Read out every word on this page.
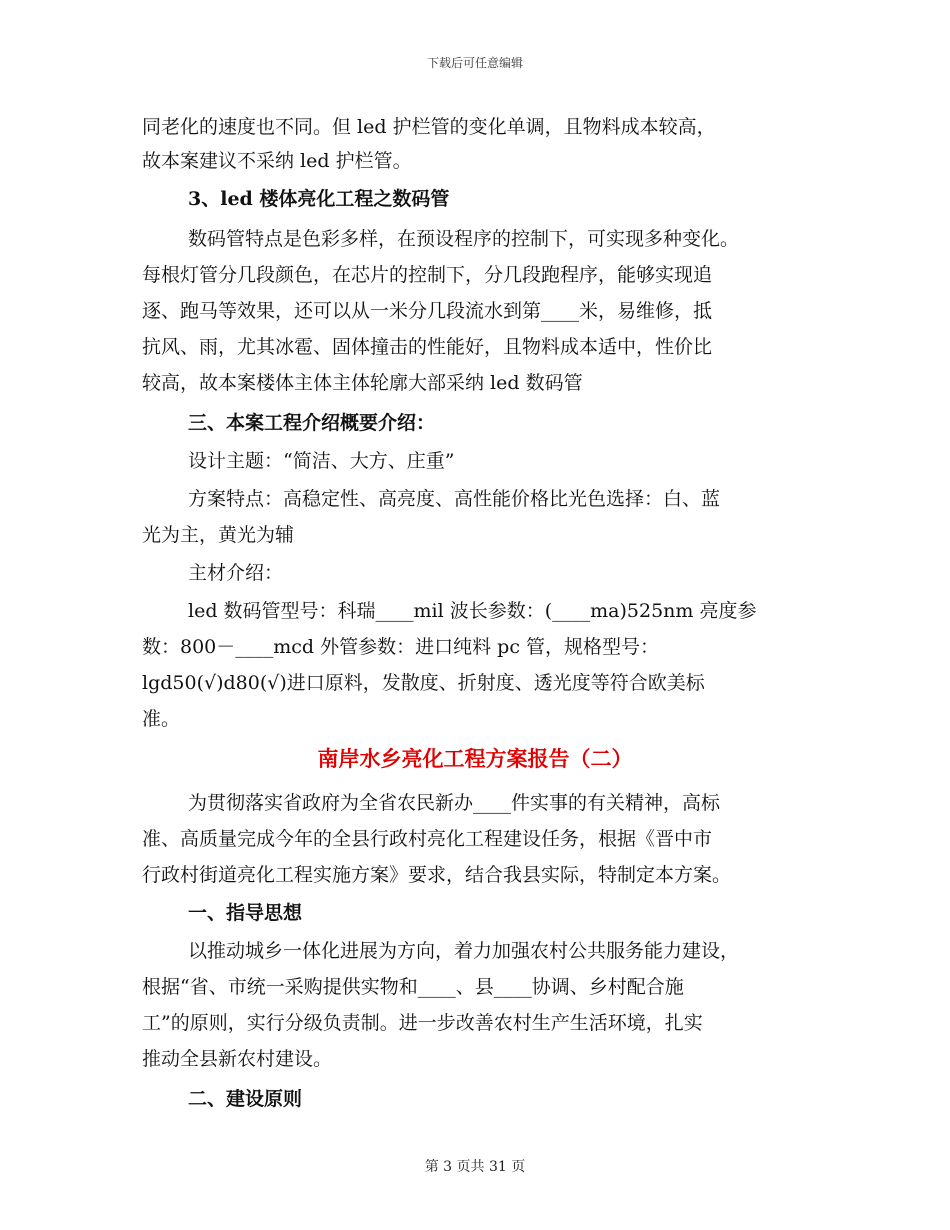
下载后可任意编辑
同老化的速度也不同。但 led 护栏管的变化单调，且物料成本较高，
故本案建议不采纳 led 护栏管。
3、led 楼体亮化工程之数码管
数码管特点是色彩多样，在预设程序的控制下，可实现多种变化。
每根灯管分几段颜色，在芯片的控制下，分几段跑程序，能够实现追
逐、跑马等效果，还可以从一米分几段流水到第____米，易维修，抵
抗风、雨，尤其冰雹、固体撞击的性能好，且物料成本适中，性价比
较高，故本案楼体主体主体轮廓大部采纳 led 数码管
三、本案工程介绍概要介绍：
设计主题：“简洁、大方、庄重”
方案特点：高稳定性、高亮度、高性能价格比光色选择：白、蓝
光为主，黄光为辅
主材介绍：
led 数码管型号：科瑞____mil 波长参数：(____ma)525nm 亮度参
数：800－____mcd 外管参数：进口纯料 pc 管，规格型号：
lgd50(√)d80(√)进口原料，发散度、折射度、透光度等符合欧美标
准。
南岸水乡亮化工程方案报告（二）
为贯彻落实省政府为全省农民新办____件实事的有关精神，高标
准、高质量完成今年的全县行政村亮化工程建设任务，根据《晋中市
行政村街道亮化工程实施方案》要求，结合我县实际，特制定本方案。
一、指导思想
以推动城乡一体化进展为方向，着力加强农村公共服务能力建设，
根据“省、市统一采购提供实物和____、县____协调、乡村配合施
工”的原则，实行分级负责制。进一步改善农村生产生活环境，扎实
推动全县新农村建设。
二、建设原则
第 3 页共 31 页
